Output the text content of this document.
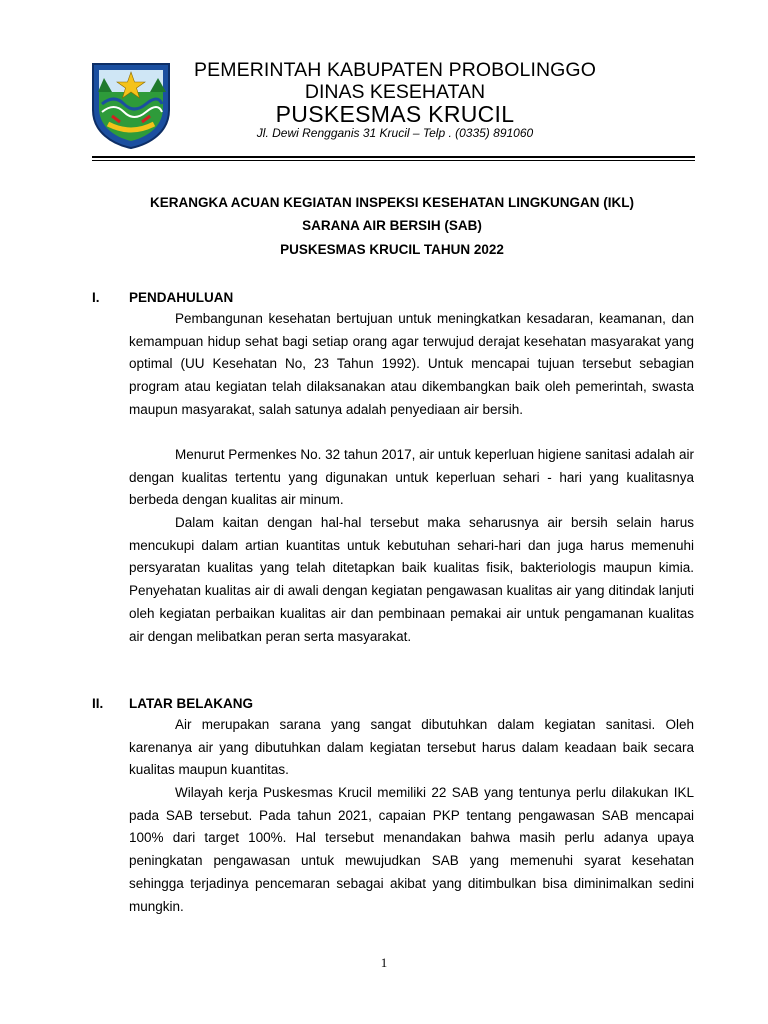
PEMERINTAH KABUPATEN PROBOLINGGO
DINAS KESEHATAN
PUSKESMAS KRUCIL
Jl. Dewi Rengganis 31 Krucil – Telp . (0335) 891060
KERANGKA ACUAN KEGIATAN INSPEKSI KESEHATAN LINGKUNGAN (IKL)
SARANA AIR BERSIH (SAB)
PUSKESMAS KRUCIL TAHUN 2022
I. PENDAHULUAN

Pembangunan kesehatan bertujuan untuk meningkatkan kesadaran, keamanan, dan kemampuan hidup sehat bagi setiap orang agar terwujud derajat kesehatan masyarakat yang optimal (UU Kesehatan No, 23 Tahun 1992). Untuk mencapai tujuan tersebut sebagian program atau kegiatan telah dilaksanakan atau dikembangkan baik oleh pemerintah, swasta maupun masyarakat, salah satunya adalah penyediaan air bersih.

Menurut Permenkes No. 32 tahun 2017, air untuk keperluan higiene sanitasi adalah air dengan kualitas tertentu yang digunakan untuk keperluan sehari - hari yang kualitasnya berbeda dengan kualitas air minum.

Dalam kaitan dengan hal-hal tersebut maka seharusnya air bersih selain harus mencukupi dalam artian kuantitas untuk kebutuhan sehari-hari dan juga harus memenuhi persyaratan kualitas yang telah ditetapkan baik kualitas fisik, bakteriologis maupun kimia. Penyehatan kualitas air di awali dengan kegiatan pengawasan kualitas air yang ditindak lanjuti oleh kegiatan perbaikan kualitas air dan pembinaan pemakai air untuk pengamanan kualitas air dengan melibatkan peran serta masyarakat.

II. LATAR BELAKANG

Air merupakan sarana yang sangat dibutuhkan dalam kegiatan sanitasi. Oleh karenanya air yang dibutuhkan dalam kegiatan tersebut harus dalam keadaan baik secara kualitas maupun kuantitas.

Wilayah kerja Puskesmas Krucil memiliki 22 SAB yang tentunya perlu dilakukan IKL pada SAB tersebut. Pada tahun 2021, capaian PKP tentang pengawasan SAB mencapai 100% dari target 100%. Hal tersebut menandakan bahwa masih perlu adanya upaya peningkatan pengawasan untuk mewujudkan SAB yang memenuhi syarat kesehatan sehingga terjadinya pencemaran sebagai akibat yang ditimbulkan bisa diminimalkan sedini mungkin.

1
